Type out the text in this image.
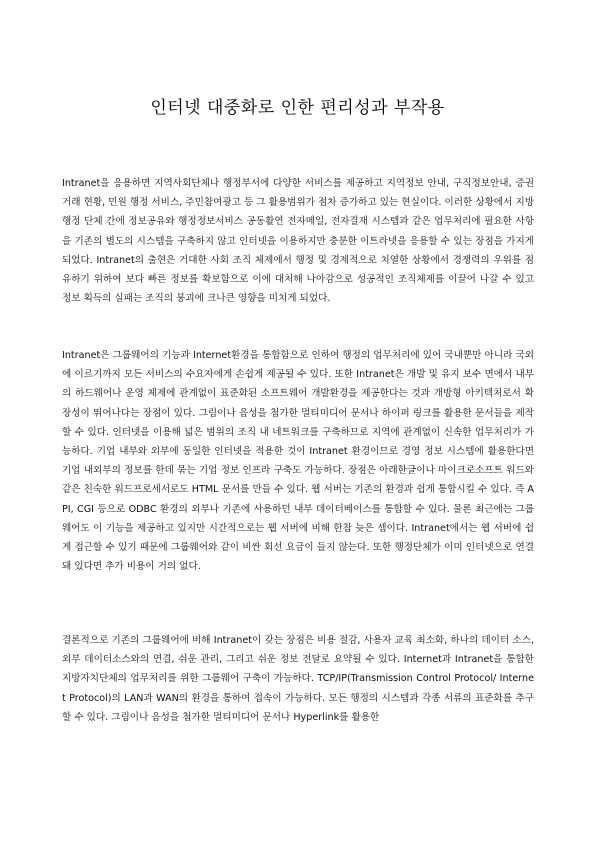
인터넷 대중화로 인한 편리성과 부작용
Intranet을 응용하면 지역사회단체나 행정부서에 다양한 서비스를 제공하고 지역정보 안내, 구직정보안내, 증권 거래 현황, 민원 행정 서비스, 주민참여광고 등 그 활용범위가 점차 증가하고 있는 현실이다. 이러한 상황에서 지방행정 단체 간에 정보공유와 행정정보서비스 공동활연 전자메일, 전자결재 시스템과 같은 업무처리에 필요한 사항을 기존의 별도의 시스템을 구축하지 않고 인터넷을 이용하지만 충분한 이트라넷을 응용할 수 있는 장점을 가지게 되었다. Intranet의 출현은 거대한 사회 조직 체제에서 행정 및 경제적으로 치열한 상황에서 경쟁력의 우위를 점유하기 위하여 보다 빠른 정보를 확보함으로 이에 대처해 나아감으로 성공적인 조직체제를 이끌어 나갈 수 있고 정보 획득의 실패는 조직의 붕괴에 크나큰 영향을 미치게 되었다.
Intranet은 그룹웨어의 기능과 Internet환경을 통합함으로 인하여 행정의 업무처리에 있어 국내뿐만 아니라 국외에 이르기까지 모든 서비스의 수요자에게 손쉽게 제공될 수 있다. 또한 Intranet은 개발 및 유지 보수 면에서 내부의 하드웨어나 운영 체제에 관계없이 표준화된 소프트웨어 개발환경을 제공한다는 것과 개방형 아키텍처로서 확장성이 뛰어나다는 장점이 있다. 그림이나 음성을 첨가한 멀티미디어 문서나 하이퍼 링크를 활용한 문서들을 제작할 수 있다. 인터넷을 이용해 넓은 범위의 조직 내 네트워크를 구축하므로 지역에 관계없이 신속한 업무처리가 가능하다. 기업 내부와 외부에 동일한 인터넷을 적용한 것이 Intranet 환경이므로 경영 정보 시스템에 활용한다면 기업 내외부의 정보를 한데 묶는 기업 정보 인프라 구축도 가능하다. 장점은 아래한글이나 마이크로소프트 워드와 같은 친숙한 워드프로세서로도 HTML 문서를 만들 수 있다. 웹 서버는 기존의 환경과 쉽게 통합시킬 수 있다. 즉 API, CGI 등으로 ODBC 환경의 외부나 기존에 사용하던 내부 데이터베이스를 통합할 수 있다. 물론 최근에는 그룹웨어도 이 기능을 제공하고 있지만 시간적으로는 웹 서버에 비해 한참 늦은 셈이다. Intranet에서는 웹 서버에 쉽게 접근할 수 있기 때문에 그룹웨어와 같이 비싼 회선 요금이 들지 않는다. 또한 행정단체가 이미 인터넷으로 연결돼 있다면 추가 비용이 거의 없다.
결론적으로 기존의 그룹웨어에 비해 Intranet이 갖는 장점은 비용 절감, 사용자 교육 최소화, 하나의 데이터 소스, 외부 데이터소스와의 연결, 쉬운 관리, 그리고 쉬운 정보 전달로 요약될 수 있다. Internet과 Intranet을 통합한 지방자치단체의 업무처리를 위한 그룹웨어 구축이 가능하다. TCP/IP(Transmission Control Protocol/ Internet Protocol)의 LAN과 WAN의 환경을 통하여 접속이 가능하다. 모든 행정의 시스템과 각종 서류의 표준화를 추구할 수 있다. 그림이나 음성을 첨가한 멀티미디어 문서나 Hyperlink를 활용한
